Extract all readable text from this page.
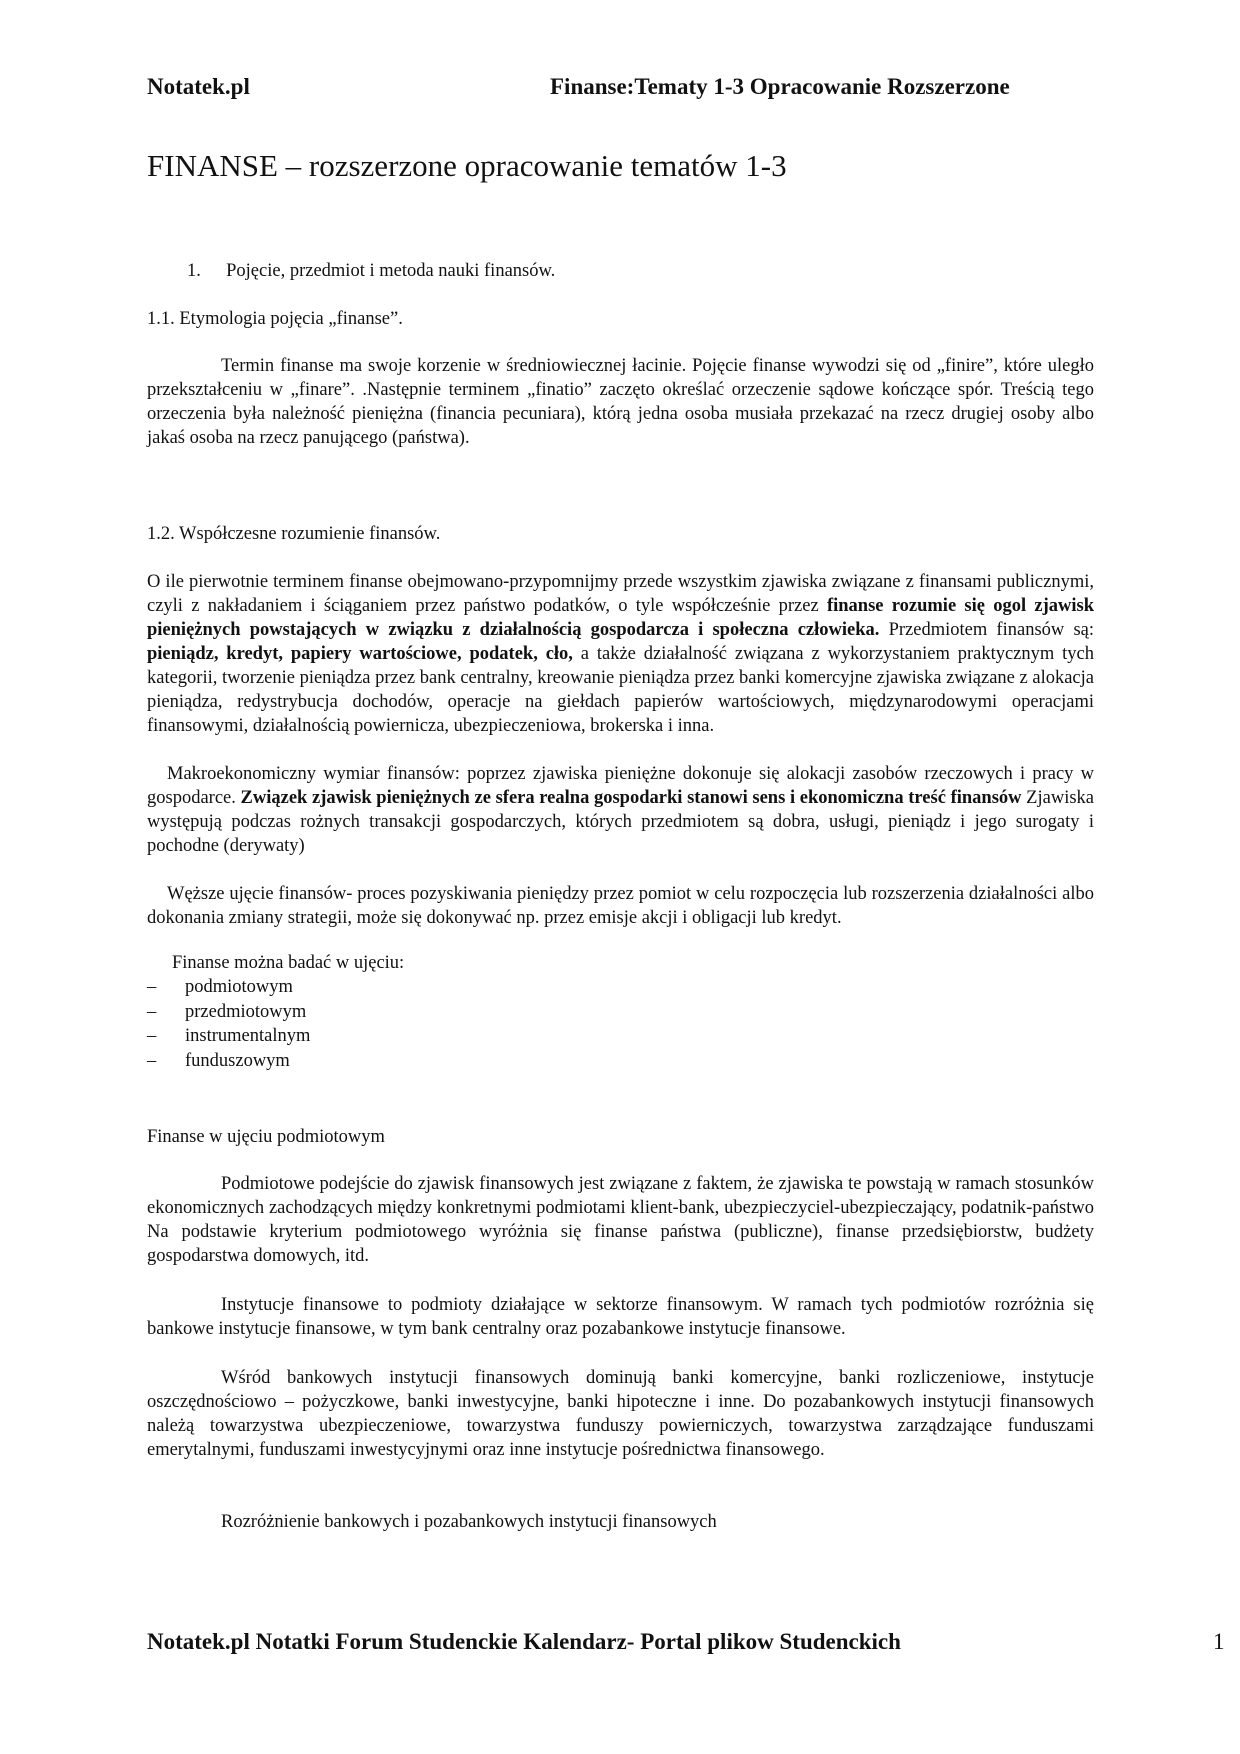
Notatek.pl	Finanse:Tematy 1-3 Opracowanie Rozszerzone
FINANSE – rozszerzone opracowanie tematów 1-3
1. Pojęcie, przedmiot i metoda nauki finansów.
1.1. Etymologia pojęcia „finanse”.
Termin finanse ma swoje korzenie w średniowiecznej łacinie. Pojęcie finanse wywodzi się od „finire”, które uległo przekształceniu w „finare”. .Następnie terminem „finatio” zaczęto określać orzeczenie sądowe kończące spór. Treścią tego orzeczenia była należność pieniężna (financia pecuniara), którą jedna osoba musiała przekazać na rzecz drugiej osoby albo jakaś osoba na rzecz panującego (państwa).
1.2. Współczesne rozumienie finansów.
O ile pierwotnie terminem finanse obejmowano-przypomnijmy przede wszystkim zjawiska związane z finansami publicznymi, czyli z nakładaniem i ściąganiem przez państwo podatków, o tyle współcześnie przez finanse rozumie się ogol zjawisk pieniężnych powstających w związku z działalnością gospodarcza i społeczna człowieka. Przedmiotem finansów są: pieniądz, kredyt, papiery wartościowe, podatek, cło, a także działalność związana z wykorzystaniem praktycznym tych kategorii, tworzenie pieniądza przez bank centralny, kreowanie pieniądza przez banki komercyjne zjawiska związane z alokacja pieniądza, redystrybucja dochodów, operacje na giełdach papierów wartościowych, międzynarodowymi operacjami finansowymi, działalnością powiernicza, ubezpieczeniowa, brokerska i inna.
Makroekonomiczny wymiar finansów: poprzez zjawiska pieniężne dokonuje się alokacji zasobów rzeczowych i pracy w gospodarce. Związek zjawisk pieniężnych ze sfera realna gospodarki stanowi sens i ekonomiczna treść finansów Zjawiska występują podczas rożnych transakcji gospodarczych, których przedmiotem są dobra, usługi, pieniądz i jego surogaty i pochodne (derywaty)
Węższe ujęcie finansów- proces pozyskiwania pieniędzy przez pomiot w celu rozpoczęcia lub rozszerzenia działalności albo dokonania zmiany strategii, może się dokonywać np. przez emisje akcji i obligacji lub kredyt.
Finanse można badać w ujęciu:
– podmiotowym
– przedmiotowym
– instrumentalnym
– funduszowym
Finanse w ujęciu podmiotowym
Podmiotowe podejście do zjawisk finansowych jest związane z faktem, że zjawiska te powstają w ramach stosunków ekonomicznych zachodzących między konkretnymi podmiotami klient-bank, ubezpieczyciel-ubezpieczający, podatnik-państwo Na podstawie kryterium podmiotowego wyróżnia się finanse państwa (publiczne), finanse przedsiębiorstw, budżety gospodarstwa domowych, itd.
Instytucje finansowe to podmioty działające w sektorze finansowym. W ramach tych podmiotów rozróżnia się bankowe instytucje finansowe, w tym bank centralny oraz pozabankowe instytucje finansowe.
Wśród bankowych instytucji finansowych dominują banki komercyjne, banki rozliczeniowe, instytucje oszczędnościowo – pożyczkowe, banki inwestycyjne, banki hipoteczne i inne. Do pozabankowych instytucji finansowych należą towarzystwa ubezpieczeniowe, towarzystwa funduszy powierniczych, towarzystwa zarządzające funduszami emerytalnymi, funduszami inwestycyjnymi oraz inne instytucje pośrednictwa finansowego.
Rozróżnienie bankowych i pozabankowych instytucji finansowych
Notatek.pl Notatki Forum Studenckie Kalendarz- Portal plikow Studenckich	1
